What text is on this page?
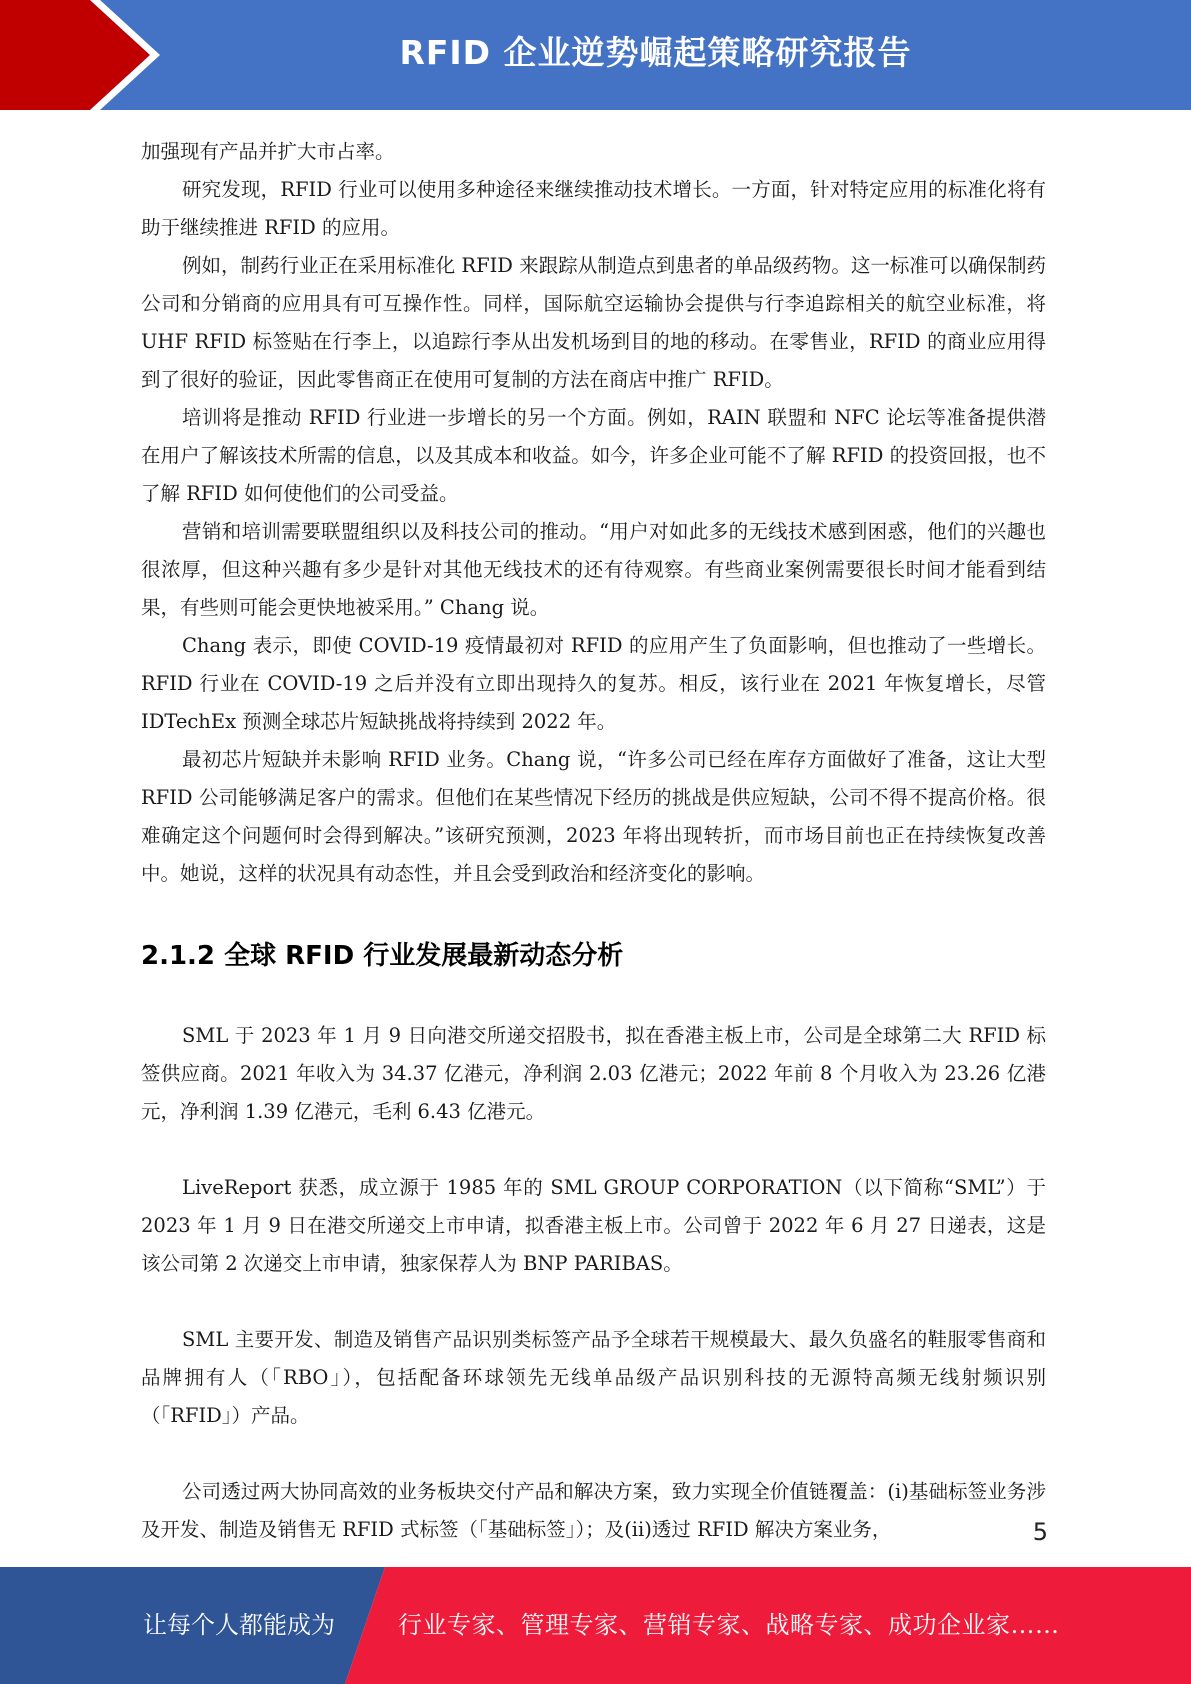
RFID 企业逆势崛起策略研究报告

加强现有产品并扩大市占率。

研究发现，RFID 行业可以使用多种途径来继续推动技术增长。一方面，针对特定应用的标准化将有助于继续推进 RFID 的应用。

例如，制药行业正在采用标准化 RFID 来跟踪从制造点到患者的单品级药物。这一标准可以确保制药公司和分销商的应用具有可互操作性。同样，国际航空运输协会提供与行李追踪相关的航空业标准，将 UHF RFID 标签贴在行李上，以追踪行李从出发机场到目的地的移动。在零售业，RFID 的商业应用得到了很好的验证，因此零售商正在使用可复制的方法在商店中推广 RFID。

培训将是推动 RFID 行业进一步增长的另一个方面。例如，RAIN 联盟和 NFC 论坛等准备提供潜在用户了解该技术所需的信息，以及其成本和收益。如今，许多企业可能不了解 RFID 的投资回报，也不了解 RFID 如何使他们的公司受益。

营销和培训需要联盟组织以及科技公司的推动。“用户对如此多的无线技术感到困惑，他们的兴趣也很浓厚，但这种兴趣有多少是针对其他无线技术的还有待观察。有些商业案例需要很长时间才能看到结果，有些则可能会更快地被采用。” Chang 说。

Chang 表示，即使 COVID-19 疫情最初对 RFID 的应用产生了负面影响，但也推动了一些增长。RFID 行业在 COVID-19 之后并没有立即出现持久的复苏。相反，该行业在 2021 年恢复增长，尽管 IDTechEx 预测全球芯片短缺挑战将持续到 2022 年。

最初芯片短缺并未影响 RFID 业务。Chang 说，“许多公司已经在库存方面做好了准备，这让大型 RFID 公司能够满足客户的需求。但他们在某些情况下经历的挑战是供应短缺，公司不得不提高价格。很难确定这个问题何时会得到解决。”该研究预测，2023 年将出现转折，而市场目前也正在持续恢复改善中。她说，这样的状况具有动态性，并且会受到政治和经济变化的影响。

2.1.2 全球 RFID 行业发展最新动态分析

SML 于 2023 年 1 月 9 日向港交所递交招股书，拟在香港主板上市，公司是全球第二大 RFID 标签供应商。2021 年收入为 34.37 亿港元，净利润 2.03 亿港元；2022 年前 8 个月收入为 23.26 亿港元，净利润 1.39 亿港元，毛利 6.43 亿港元。

LiveReport 获悉，成立源于 1985 年的 SML GROUP CORPORATION（以下简称“SML”）于 2023 年 1 月 9 日在港交所递交上市申请，拟香港主板上市。公司曾于 2022 年 6 月 27 日递表，这是该公司第 2 次递交上市申请，独家保荐人为 BNP PARIBAS。

SML 主要开发、制造及销售产品识别类标签产品予全球若干规模最大、最久负盛名的鞋服零售商和品牌拥有人（「RBO」），包括配备环球领先无线单品级产品识别科技的无源特高频无线射频识别（「RFID」）产品。

公司透过两大协同高效的业务板块交付产品和解决方案，致力实现全价值链覆盖：(i)基础标签业务涉及开发、制造及销售无 RFID 式标签（「基础标签」）；及(ii)透过 RFID 解决方案业务，	5
让每个人都能成为	行业专家、管理专家、营销专家、战略专家、成功企业家……
